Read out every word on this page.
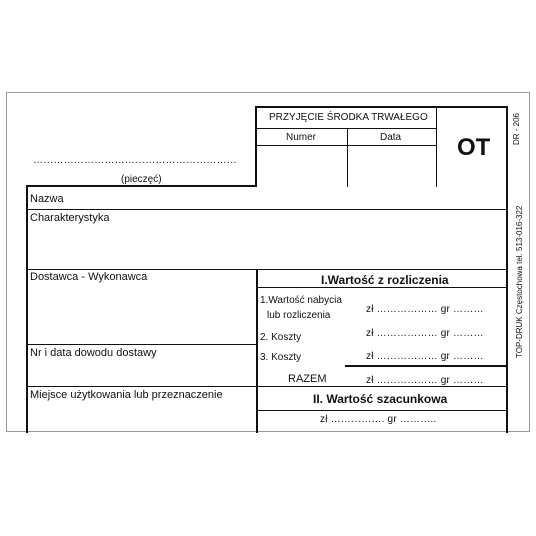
……………………………………………………
(pieczęć)
PRZYJĘCIE ŚRODKA TRWAŁEGO
Numer	Data OT
DR - 206
Nazwa
Charakterystyka
Dostawca - Wykonawca
Nr i data dowodu dostawy
Miejsce użytkowania lub przeznaczenie
I.Wartość z rozliczenia
1.Wartość nabycia
lub rozliczenia
2. Koszty
3. Koszty
RAZEM
zł ……………… gr ………
zł ……………… gr ………
zł ……………… gr ………
zł ……………… gr ………
II. Wartość szacunkowa
zł ……………. gr ………..
TOP-DRUK Częstochowa tel. 513-016-322
